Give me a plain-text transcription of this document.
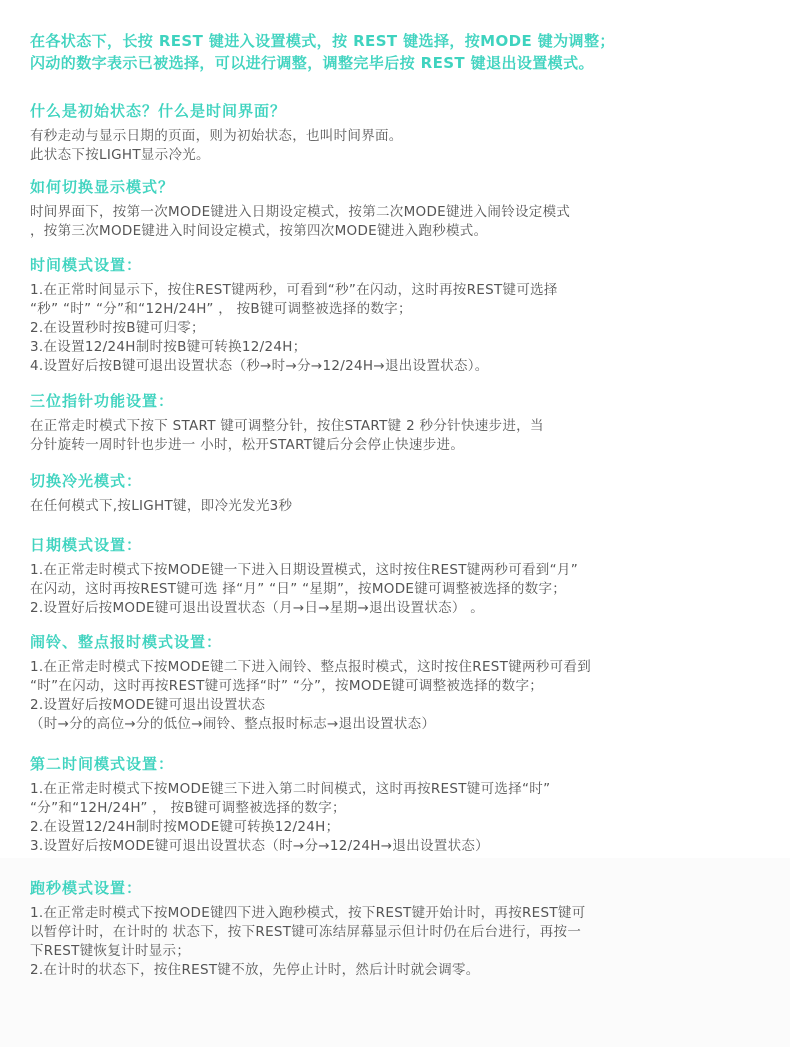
在各状态下，长按 REST 键进入设置模式，按 REST 键选择，按MODE 键为调整；

闪动的数字表示已被选择，可以进行调整，调整完毕后按 REST 键退出设置模式。

什么是初始状态？什么是时间界面？

有秒走动与显示日期的页面，则为初始状态，也叫时间界面。

此状态下按LIGHT显示冷光。

如何切换显示模式？

时间界面下，按第一次MODE键进入日期设定模式，按第二次MODE键进入闹铃设定模式

，按第三次MODE键进入时间设定模式，按第四次MODE键进入跑秒模式。

时间模式设置：

1.在正常时间显示下，按住REST键两秒，可看到“秒”在闪动，这时再按REST键可选择

“秒” “时” “分”和“12H/24H” ， 按B键可调整被选择的数字；

2.在设置秒时按B键可归零；

3.在设置12/24H制时按B键可转换12/24H；

4.设置好后按B键可退出设置状态（秒→时→分→12/24H→退出设置状态）。

三位指针功能设置：

在正常走时模式下按下 START 键可调整分针，按住START键 2 秒分针快速步进，当

分针旋转一周时针也步进一 小时，松开START键后分会停止快速步进。

切换冷光模式：

在任何模式下,按LIGHT键，即冷光发光3秒

日期模式设置：

1.在正常走时模式下按MODE键一下进入日期设置模式，这时按住REST键两秒可看到“月”

在闪动，这时再按REST键可选 择“月” “日” “星期”，按MODE键可调整被选择的数字；

2.设置好后按MODE键可退出设置状态（月→日→星期→退出设置状态） 。

闹铃、整点报时模式设置：

1.在正常走时模式下按MODE键二下进入闹铃、整点报时模式，这时按住REST键两秒可看到

“时”在闪动，这时再按REST键可选择“时” “分”，按MODE键可调整被选择的数字；

2.设置好后按MODE键可退出设置状态

（时→分的高位→分的低位→闹铃、整点报时标志→退出设置状态）

第二时间模式设置：

1.在正常走时模式下按MODE键三下进入第二时间模式，这时再按REST键可选择“时”

“分”和“12H/24H” ， 按B键可调整被选择的数字；

2.在设置12/24H制时按MODE键可转换12/24H；

3.设置好后按MODE键可退出设置状态（时→分→12/24H→退出设置状态）

跑秒模式设置：

1.在正常走时模式下按MODE键四下进入跑秒模式，按下REST键开始计时，再按REST键可

以暂停计时，在计时的 状态下，按下REST键可冻结屏幕显示但计时仍在后台进行，再按一

下REST键恢复计时显示；

2.在计时的状态下，按住REST键不放，先停止计时，然后计时就会调零。
